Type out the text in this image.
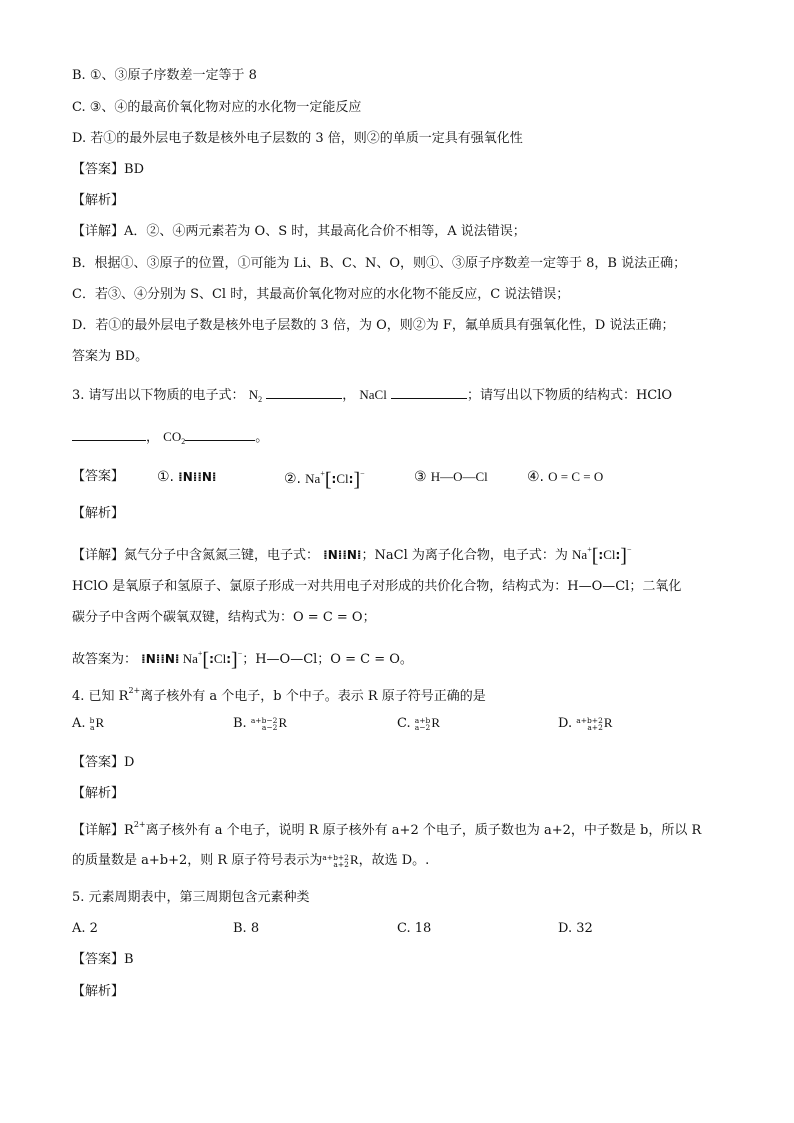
B. ①、③原子序数差一定等于 8
C. ③、④的最高价氧化物对应的水化物一定能反应
D. 若①的最外层电子数是核外电子层数的 3 倍，则②的单质一定具有强氧化性
【答案】BD
【解析】
【详解】A．②、④两元素若为 O、S 时，其最高化合价不相等，A 说法错误；
B．根据①、③原子的位置，①可能为 Li、B、C、N、O，则①、③原子序数差一定等于 8，B 说法正确；
C．若③、④分别为 S、Cl 时，其最高价氧化物对应的水化物不能反应，C 说法错误；
D．若①的最外层电子数是核外电子层数的 3 倍，为 O，则②为 F，氟单质具有强氧化性，D 说法正确；
答案为 BD。
3. 请写出以下物质的电子式： $N_2$	， NaCl	；请写出以下物质的结构式：HClO
， $CO_2$	。
【答案】 ①. ⁞N⁞⁞N⁞	②. Na+[:Cl:]−	③ H—O—Cl	④. O = C = O
【解析】
【详解】氮气分子中含氮氮三键，电子式： ⁞N⁞⁞N⁞；NaCl 为离子化合物，电子式：为 Na+[:Cl:]−
HClO 是氧原子和氢原子、氯原子形成一对共用电子对形成的共价化合物，结构式为：H—O—Cl；二氧化
碳分子中含两个碳氧双键，结构式为：O = C = O；
故答案为： ⁞N⁞⁞N⁞ Na+[:Cl:]−；H—O—Cl；O = C = O。
4. 已知 $R^{2+}$离子核外有 a 个电子，b 个中子。表示 R 原子符号正确的是
A. b
aR	B. a+b−2
a−2R	C. a+b
a−2R	D. a+b+2
a+2R
【答案】D
【解析】
【详解】$R^{2+}$离子核外有 a 个电子，说明 R 原子核外有 a+2 个电子，质子数也为 a+2，中子数是 b，所以 R
的质量数是 a+b+2，则 R 原子符号表示为a+b+2
a+2R，故选 D。.
5. 元素周期表中，第三周期包含元素种类
A. 2	B. 8	C. 18	D. 32
【答案】B
【解析】
